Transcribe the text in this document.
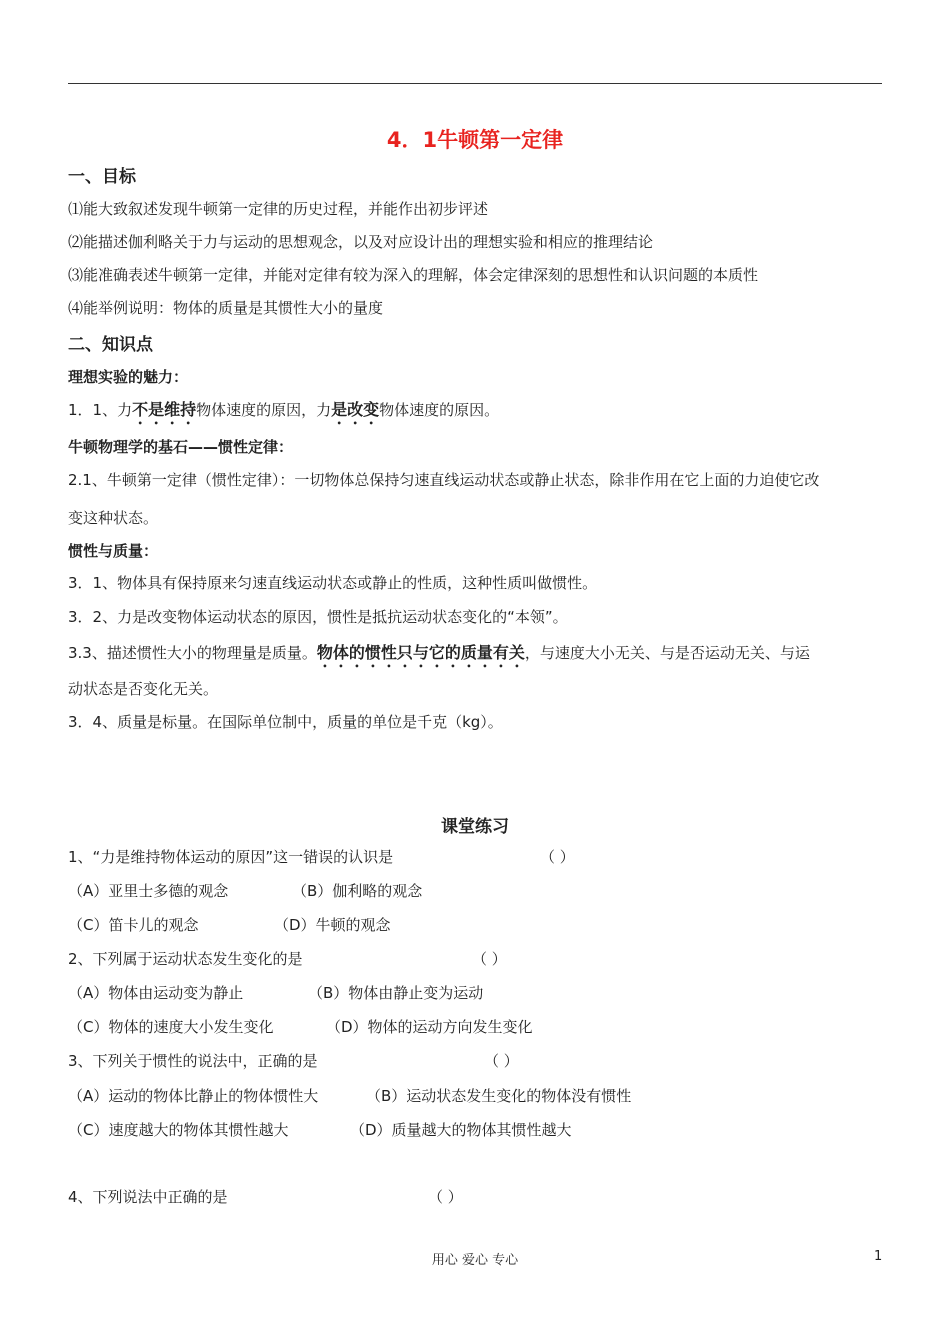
4．1牛顿第一定律
一、目标
⑴能大致叙述发现牛顿第一定律的历史过程，并能作出初步评述
⑵能描述伽利略关于力与运动的思想观念，以及对应设计出的理想实验和相应的推理结论
⑶能准确表述牛顿第一定律，并能对定律有较为深入的理解，体会定律深刻的思想性和认识问题的本质性
⑷能举例说明：物体的质量是其惯性大小的量度
二、知识点
理想实验的魅力：
1．1、力不是维持物体速度的原因，力是改变物体速度的原因。
牛顿物理学的基石——惯性定律：
2.1、牛顿第一定律（惯性定律）：一切物体总保持匀速直线运动状态或静止状态，除非作用在它上面的力迫使它改
变这种状态。
惯性与质量：
3．1、物体具有保持原来匀速直线运动状态或静止的性质，这种性质叫做惯性。
3．2、力是改变物体运动状态的原因，惯性是抵抗运动状态变化的“本领”。
3.3、描述惯性大小的物理量是质量。物体的惯性只与它的质量有关，与速度大小无关、与是否运动无关、与运
动状态是否变化无关。
3．4、质量是标量。在国际单位制中，质量的单位是千克（kg）。
课堂练习
1、“力是维持物体运动的原因”这一错误的认识是	（ ）
（A）亚里士多德的观念	（B）伽利略的观念
（C）笛卡儿的观念	（D）牛顿的观念
2、下列属于运动状态发生变化的是	（ ）
（A）物体由运动变为静止	（B）物体由静止变为运动
（C）物体的速度大小发生变化	（D）物体的运动方向发生变化
3、下列关于惯性的说法中，正确的是	（ ）
（A）运动的物体比静止的物体惯性大	（B）运动状态发生变化的物体没有惯性
（C）速度越大的物体其惯性越大	（D）质量越大的物体其惯性越大
4、下列说法中正确的是	（ ）
用心 爱心 专心	1
